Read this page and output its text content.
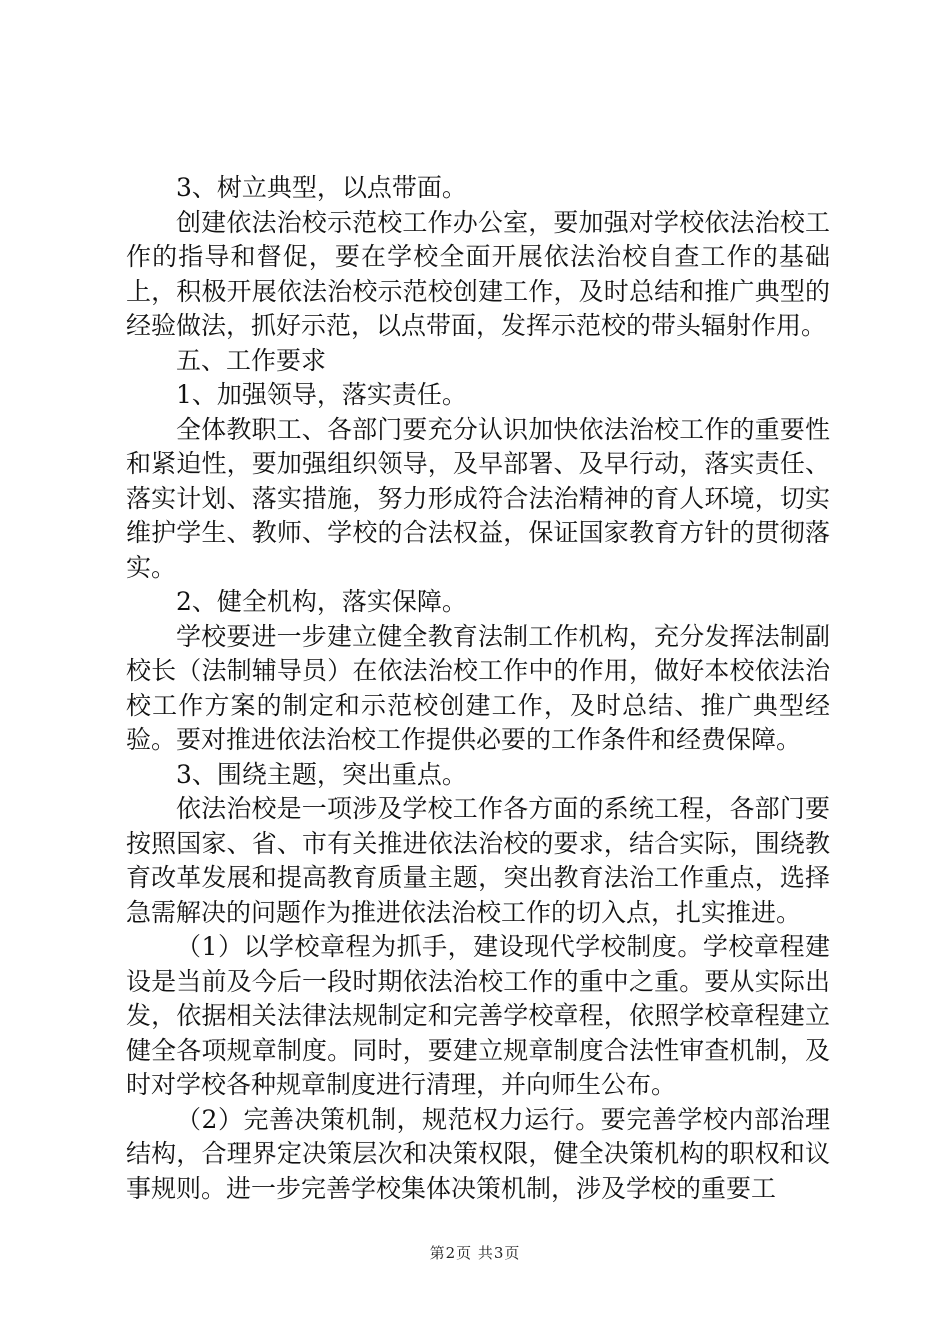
3、树立典型，以点带面。

创建依法治校示范校工作办公室，要加强对学校依法治校工作的指导和督促，要在学校全面开展依法治校自查工作的基础上，积极开展依法治校示范校创建工作，及时总结和推广典型的经验做法，抓好示范，以点带面，发挥示范校的带头辐射作用。

五、工作要求

1、加强领导，落实责任。

全体教职工、各部门要充分认识加快依法治校工作的重要性和紧迫性，要加强组织领导，及早部署、及早行动，落实责任、落实计划、落实措施，努力形成符合法治精神的育人环境，切实维护学生、教师、学校的合法权益，保证国家教育方针的贯彻落实。

2、健全机构，落实保障。

学校要进一步建立健全教育法制工作机构，充分发挥法制副校长（法制辅导员）在依法治校工作中的作用，做好本校依法治校工作方案的制定和示范校创建工作，及时总结、推广典型经验。要对推进依法治校工作提供必要的工作条件和经费保障。

3、围绕主题，突出重点。

依法治校是一项涉及学校工作各方面的系统工程，各部门要按照国家、省、市有关推进依法治校的要求，结合实际，围绕教育改革发展和提高教育质量主题，突出教育法治工作重点，选择急需解决的问题作为推进依法治校工作的切入点，扎实推进。

（1）以学校章程为抓手，建设现代学校制度。学校章程建设是当前及今后一段时期依法治校工作的重中之重。要从实际出发，依据相关法律法规制定和完善学校章程，依照学校章程建立健全各项规章制度。同时，要建立规章制度合法性审查机制，及时对学校各种规章制度进行清理，并向师生公布。

（2）完善决策机制，规范权力运行。要完善学校内部治理结构，合理界定决策层次和决策权限，健全决策机构的职权和议事规则。进一步完善学校集体决策机制，涉及学校的重要工

第2页 共3页
